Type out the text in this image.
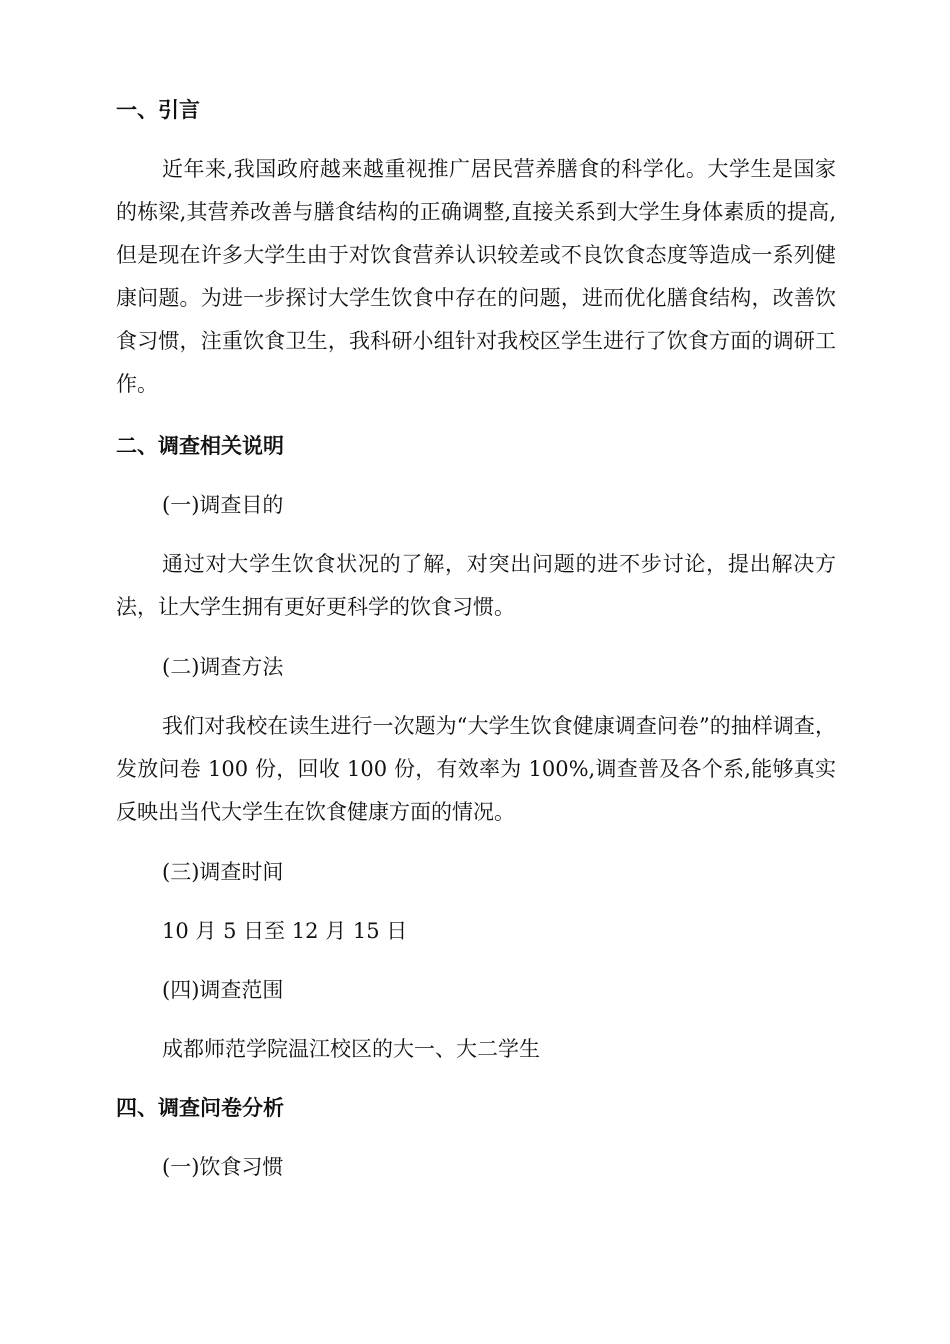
一、引言

近年来,我国政府越来越重视推广居民营养膳食的科学化。大学生是国家的栋梁,其营养改善与膳食结构的正确调整,直接关系到大学生身体素质的提高,但是现在许多大学生由于对饮食营养认识较差或不良饮食态度等造成一系列健康问题。为进一步探讨大学生饮食中存在的问题，进而优化膳食结构，改善饮食习惯，注重饮食卫生，我科研小组针对我校区学生进行了饮食方面的调研工作。

二、调查相关说明

(一)调查目的

通过对大学生饮食状况的了解，对突出问题的进不步讨论，提出解决方法，让大学生拥有更好更科学的饮食习惯。

(二)调查方法

我们对我校在读生进行一次题为“大学生饮食健康调查问卷”的抽样调查，发放问卷 100 份，回收 100 份，有效率为 100%,调查普及各个系,能够真实反映出当代大学生在饮食健康方面的情况。

(三)调查时间

10 月 5 日至 12 月 15 日

(四)调查范围

成都师范学院温江校区的大一、大二学生

四、调查问卷分析

(一)饮食习惯
